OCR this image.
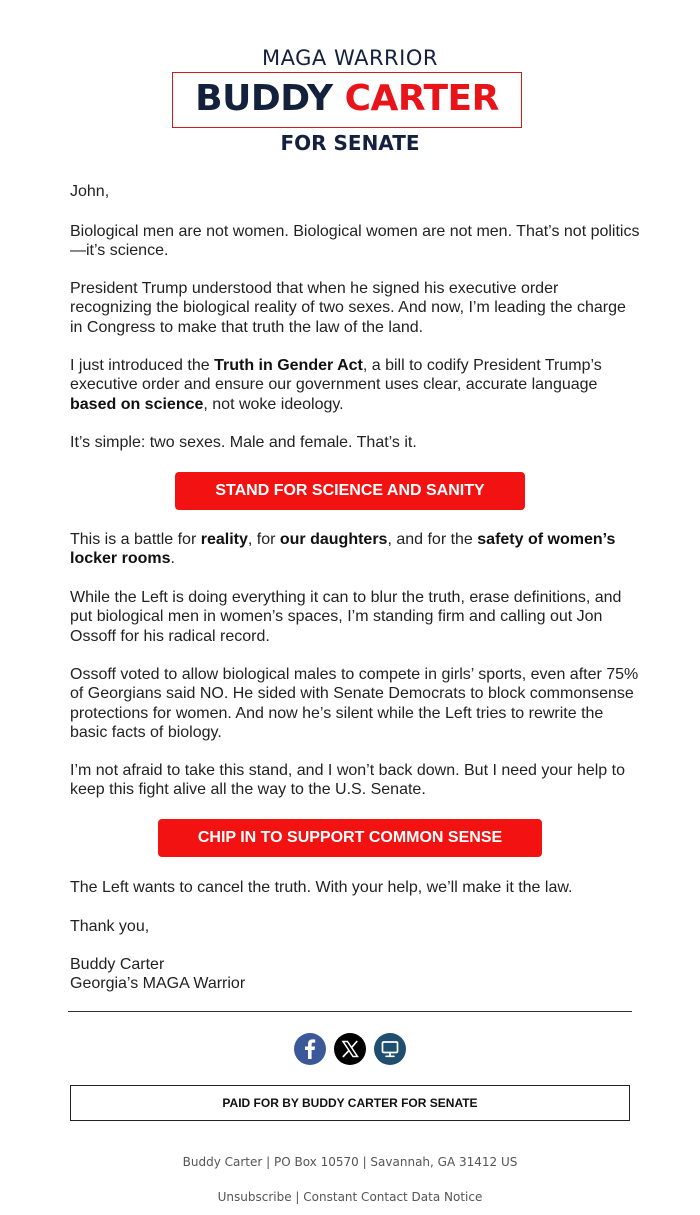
MAGA WARRIOR
BUDDY CARTER
FOR SENATE

John,

Biological men are not women. Biological women are not men. That’s not politics—it’s science.

President Trump understood that when he signed his executive order recognizing the biological reality of two sexes. And now, I’m leading the charge in Congress to make that truth the law of the land.

I just introduced the Truth in Gender Act, a bill to codify President Trump’s executive order and ensure our government uses clear, accurate language based on science, not woke ideology.

It’s simple: two sexes. Male and female. That’s it.

STAND FOR SCIENCE AND SANITY

This is a battle for reality, for our daughters, and for the safety of women’s locker rooms.

While the Left is doing everything it can to blur the truth, erase definitions, and put biological men in women’s spaces, I’m standing firm and calling out Jon Ossoff for his radical record.

Ossoff voted to allow biological males to compete in girls’ sports, even after 75% of Georgians said NO. He sided with Senate Democrats to block commonsense protections for women. And now he’s silent while the Left tries to rewrite the basic facts of biology.

I’m not afraid to take this stand, and I won’t back down. But I need your help to keep this fight alive all the way to the U.S. Senate.

CHIP IN TO SUPPORT COMMON SENSE

The Left wants to cancel the truth. With your help, we’ll make it the law.

Thank you,

Buddy Carter

Georgia’s MAGA Warrior

PAID FOR BY BUDDY CARTER FOR SENATE
Buddy Carter | PO Box 10570 | Savannah, GA 31412 US
Unsubscribe | Constant Contact Data Notice
